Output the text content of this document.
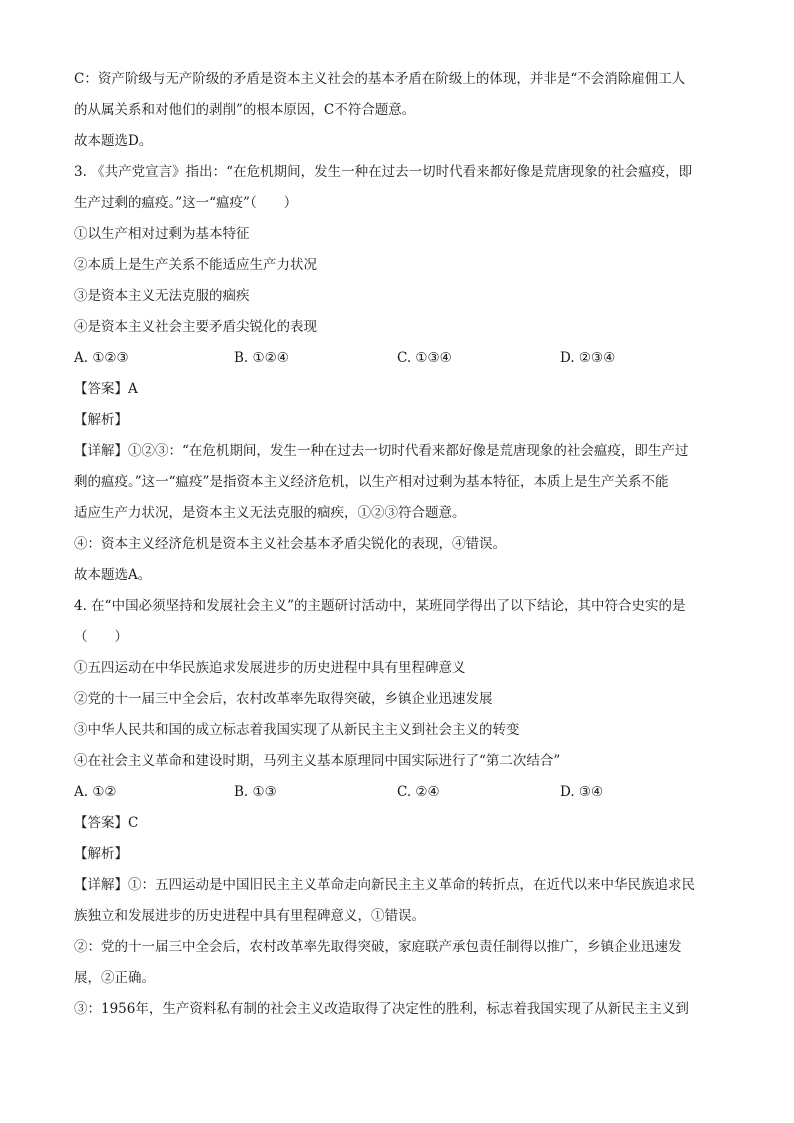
C：资产阶级与无产阶级的矛盾是资本主义社会的基本矛盾在阶级上的体现，并非是“不会消除雇佣工人
的从属关系和对他们的剥削”的根本原因，C不符合题意。
故本题选D。
3. 《共产党宣言》指出：“在危机期间，发生一种在过去一切时代看来都好像是荒唐现象的社会瘟疫，即
生产过剩的瘟疫。”这一“瘟疫”（　　）
①以生产相对过剩为基本特征
②本质上是生产关系不能适应生产力状况
③是资本主义无法克服的痼疾
④是资本主义社会主要矛盾尖锐化的表现
A. ①②③	B. ①②④	C. ①③④	D. ②③④
【答案】A
【解析】
【详解】①②③：“在危机期间，发生一种在过去一切时代看来都好像是荒唐现象的社会瘟疫，即生产过
剩的瘟疫。”这一“瘟疫”是指资本主义经济危机，以生产相对过剩为基本特征，本质上是生产关系不能
适应生产力状况，是资本主义无法克服的痼疾，①②③符合题意。
④：资本主义经济危机是资本主义社会基本矛盾尖锐化的表现，④错误。
故本题选A。
4. 在“中国必须坚持和发展社会主义”的主题研讨活动中，某班同学得出了以下结论，其中符合史实的是
（　　）
①五四运动在中华民族追求发展进步的历史进程中具有里程碑意义
②党的十一届三中全会后，农村改革率先取得突破，乡镇企业迅速发展
③中华人民共和国的成立标志着我国实现了从新民主主义到社会主义的转变
④在社会主义革命和建设时期，马列主义基本原理同中国实际进行了“第二次结合”
A. ①②	B. ①③	C. ②④	D. ③④
【答案】C
【解析】
【详解】①：五四运动是中国旧民主主义革命走向新民主主义革命的转折点，在近代以来中华民族追求民
族独立和发展进步的历史进程中具有里程碑意义，①错误。
②：党的十一届三中全会后，农村改革率先取得突破，家庭联产承包责任制得以推广，乡镇企业迅速发
展，②正确。
③：1956年，生产资料私有制的社会主义改造取得了决定性的胜利，标志着我国实现了从新民主主义到
